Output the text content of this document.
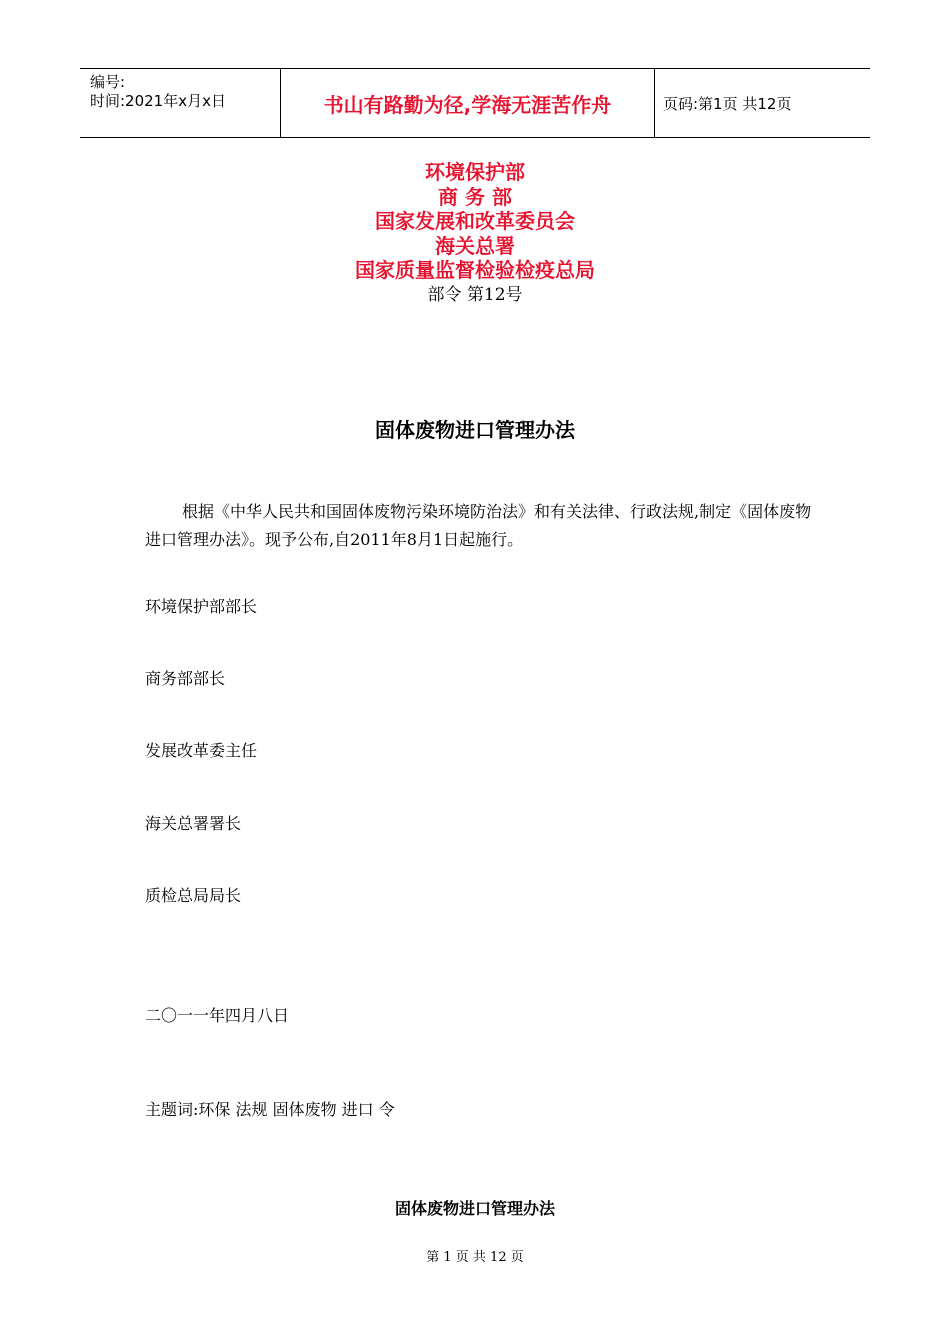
编号:
时间:2021年x月x日	书山有路勤为径,学海无涯苦作舟	页码:第1页 共12页
环境保护部
商 务 部
国家发展和改革委员会
海关总署
国家质量监督检验检疫总局
部令 第12号
固体废物进口管理办法
根据《中华人民共和国固体废物污染环境防治法》和有关法律、行政法规,制定《固体废物进口管理办法》。现予公布,自2011年8月1日起施行。
环境保护部部长
商务部部长
发展改革委主任
海关总署署长
质检总局局长
二〇一一年四月八日
主题词:环保 法规 固体废物 进口 令
固体废物进口管理办法
第 1 页 共 12 页
